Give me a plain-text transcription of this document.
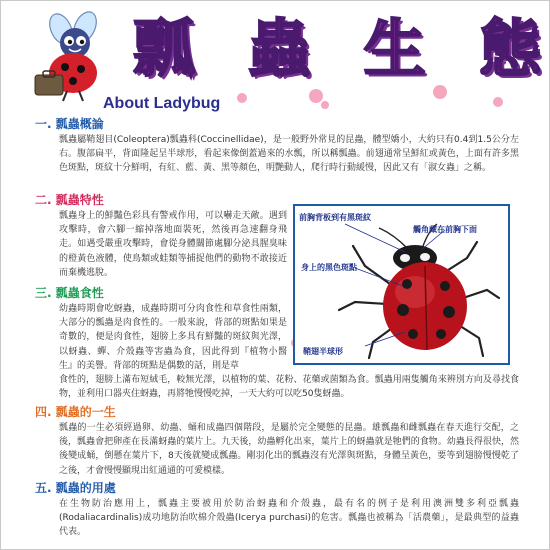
瓢 蟲 生 態
About Ladybug
一. 瓢蟲概論

瓢蟲屬鞘翅目(Coleoptera)瓢蟲科(Coccinellidae)，是一般野外常見的昆蟲，體型嬌小，大約只有0.4到1.5公分左右。腹部扁平，背面隆起呈半球形，看起來像倒蓋過來的水瓢，所以稱瓢蟲。前翅通常呈鮮紅或黃色，上面有許多黑色斑點，斑紋十分鮮明，有紅、藍、黃、黑等顏色，明艷動人，爬行時行動緩慢，因此又有「淑女蟲」之稱。

二. 瓢蟲特性

瓢蟲身上的鮮豔色彩具有警戒作用，可以嚇走天敵。遇到攻擊時，會六腳一縮掉落地面裝死，然後再急速翻身飛走。如遇受嚴重攻擊時，會從身體關節處腳分泌具腥臭味的橙黃色液體，使鳥類或蛙類等捕捉他們的動物不敢接近而棄機逃脫。

三. 瓢蟲食性

幼蟲時期會吃蚜蟲，成蟲時期可分肉食性和草食性兩類，大部分的瓢蟲是肉食性的。一般來說，背部的斑點如果是奇數的，便是肉食性，翅膀上多具有鮮豔的斑紋與光澤，以蚜蟲、蟬、介殼蟲等害蟲為食，因此得到『植物小醫生』的美譽。背部的斑點是偶數的話，則是草

食性的，翅膀上滿布短絨毛，較無光澤，以植物的葉、花粉、花藥或菌類為食。瓢蟲用兩隻觸角來辨別方向及尋找食物，並利用口器夾住蚜蟲，再將牠慢慢吃掉，一天大約可以吃50隻蚜蟲。

四. 瓢蟲的一生

瓢蟲的一生必須經過卵、幼蟲、蛹和成蟲四個階段，是屬於完全變態的昆蟲。雄瓢蟲和雌瓢蟲在春天進行交配，之後，瓢蟲會把卵產在長滿蚜蟲的葉片上。九天後，幼蟲孵化出來，葉片上的蚜蟲就是牠們的食物。幼蟲長得很快，然後變成蛹，倒懸在葉片下，8天後就變成瓢蟲。剛羽化出的瓢蟲沒有光澤與斑點，身體呈黃色，要等到翅膀慢慢乾了之後，才會慢慢顯現出紅通通的可愛模樣。

五. 瓢蟲的用處

在生物防治應用上，瓢蟲主要被用於防治蚜蟲和介殼蟲，最有名的例子是利用澳洲雙多利亞瓢蟲(Rodaliacardinalis)成功地防治吹棉介殼蟲(Icerya purchasi)的危害。瓢蟲也被稱為「活農藥」，是最典型的益蟲代表。

前胸背板到有黑斑紋
觸角藏在前胸下面
身上的黑色斑點
鞘翅半球形
